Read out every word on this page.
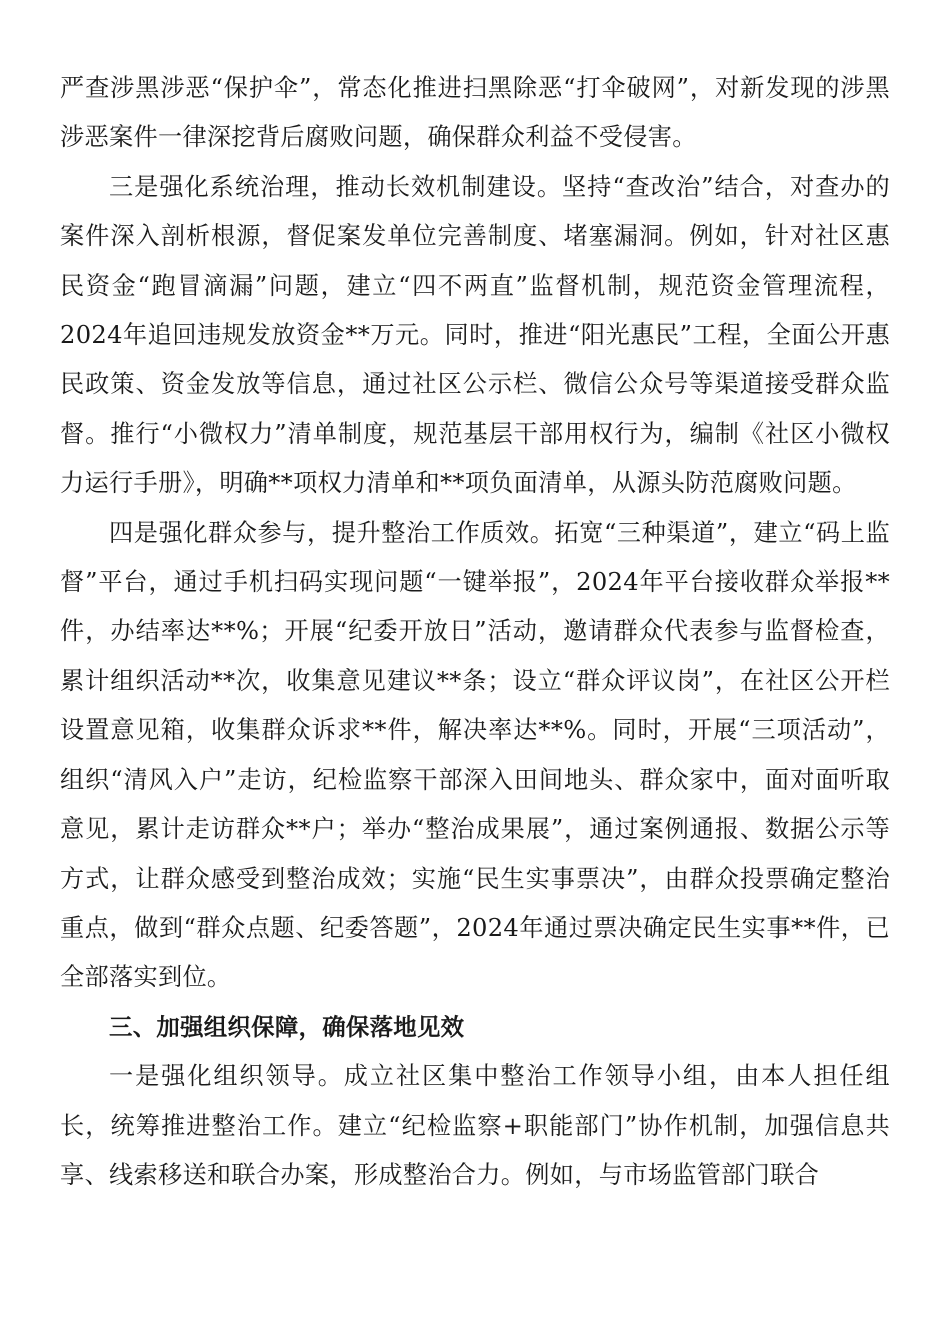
严查涉黑涉恶“保护伞”，常态化推进扫黑除恶“打伞破网”，对新发现的涉黑涉恶案件一律深挖背后腐败问题，确保群众利益不受侵害。

三是强化系统治理，推动长效机制建设。坚持“查改治”结合，对查办的案件深入剖析根源，督促案发单位完善制度、堵塞漏洞。例如，针对社区惠民资金“跑冒滴漏”问题，建立“四不两直”监督机制，规范资金管理流程，2024年追回违规发放资金**万元。同时，推进“阳光惠民”工程，全面公开惠民政策、资金发放等信息，通过社区公示栏、微信公众号等渠道接受群众监督。推行“小微权力”清单制度，规范基层干部用权行为，编制《社区小微权力运行手册》，明确**项权力清单和**项负面清单，从源头防范腐败问题。

四是强化群众参与，提升整治工作质效。拓宽“三种渠道”，建立“码上监督”平台，通过手机扫码实现问题“一键举报”，2024年平台接收群众举报**件，办结率达**%；开展“纪委开放日”活动，邀请群众代表参与监督检查，累计组织活动**次，收集意见建议**条；设立“群众评议岗”，在社区公开栏设置意见箱，收集群众诉求**件，解决率达**%。同时，开展“三项活动”，组织“清风入户”走访，纪检监察干部深入田间地头、群众家中，面对面听取意见，累计走访群众**户；举办“整治成果展”，通过案例通报、数据公示等方式，让群众感受到整治成效；实施“民生实事票决”，由群众投票确定整治重点，做到“群众点题、纪委答题”，2024年通过票决确定民生实事**件，已全部落实到位。

三、加强组织保障，确保落地见效

一是强化组织领导。成立社区集中整治工作领导小组，由本人担任组长，统筹推进整治工作。建立“纪检监察+职能部门”协作机制，加强信息共享、线索移送和联合办案，形成整治合力。例如，与市场监管部门联合
